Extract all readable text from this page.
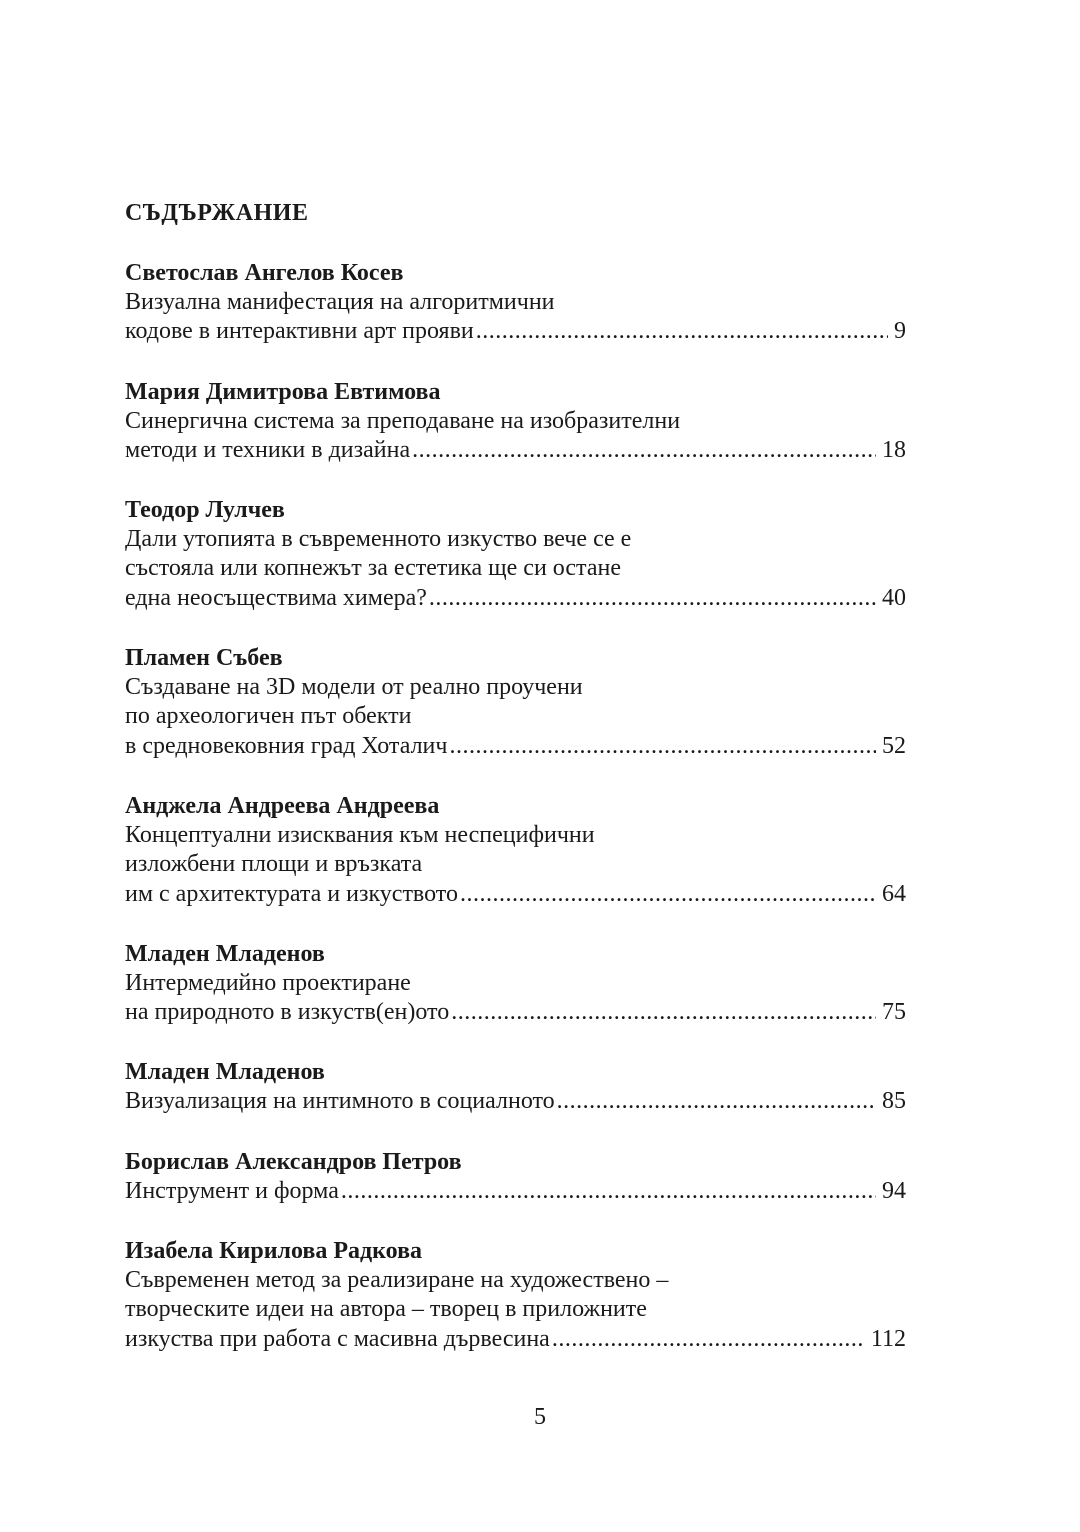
СЪДЪРЖАНИЕ
Светослав Ангелов Косев
Визуална манифестация на алгоритмични
кодове в интерактивни арт прояви .....	9
Мария Димитрова Евтимова
Синергична система за преподаване на изобразителни
методи и техники в дизайна .....	18
Теодор Лулчев
Дали утопията в съвременното изкуство вече се е
състояла или копнежът за естетика ще си остане
една неосъществима химера? .....	40
Пламен Събев
Създаване на 3D модели от реално проучени
по археологичен път обекти
в средновековния град Хоталич .....	52
Анджела Андреева Андреева
Концептуални изисквания към неспецифични
изложбени площи и връзката
им с архитектурата и изкуството .....	64
Младен Младенов
Интермедийно проектиране
на природното в изкуств(ен)ото .....	75
Младен Младенов
Визуализация на интимното в социалното .....	85
Борислав Александров Петров
Инструмент и форма .....	94
Изабела Кирилова Радкова
Съвременен метод за реализиране на художествено –
творческите идеи на автора – творец в приложните
изкуства при работа с масивна дървесина .....	112
5
